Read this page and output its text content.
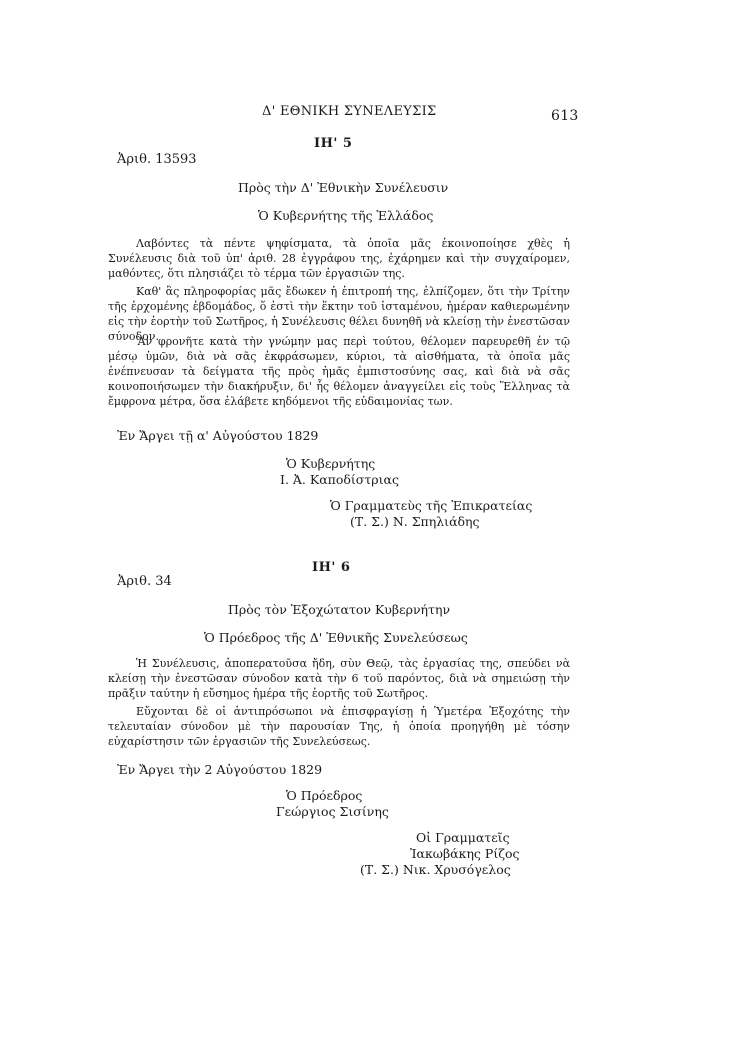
Δ' ΕΘΝΙΚΗ ΣΥΝΕΛΕΥΣΙΣ	613
ΙΗ' 5
Ἀριθ. 13593
Πρὸς τὴν Δ' Ἐθνικὴν Συνέλευσιν
Ὁ Κυβερνήτης τῆς Ἑλλάδος

Λαβόντες τὰ πέντε ψηφίσματα, τὰ ὁποῖα μᾶς ἐκοινοποίησε χθὲς ἡ Συνέλευσις διὰ τοῦ ὑπ' ἀριθ. 28 ἐγγράφου της, ἐχάρημεν καὶ τὴν συγχαίρομεν, μαθόντες, ὅτι πλησιάζει τὸ τέρμα τῶν ἐργασιῶν της.

Καθ' ἃς πληροφορίας μᾶς ἔδωκεν ἡ ἐπιτροπή της, ἐλπίζομεν, ὅτι τὴν Τρίτην τῆς ἐρχομένης ἑβδομάδος, ὅ ἐστὶ τὴν ἕκτην τοῦ ἱσταμένου, ἡμέραν καθιερωμένην εἰς τὴν ἑορτὴν τοῦ Σωτῆρος, ἡ Συνέλευσις θέλει δυνηθῆ νὰ κλείσῃ τὴν ἐνεστῶσαν σύνοδον.

Ἂν φρονῆτε κατὰ τὴν γνώμην μας περὶ τούτου, θέλομεν παρευρεθῆ ἐν τῷ μέσῳ ὑμῶν, διὰ νὰ σᾶς ἐκφράσωμεν, κύριοι, τὰ αἰσθήματα, τὰ ὁποῖα μᾶς ἐνέπνευσαν τὰ δείγματα τῆς πρὸς ἡμᾶς ἐμπιστοσύνης σας, καὶ διὰ νὰ σᾶς κοινοποιήσωμεν τὴν διακήρυξιν, δι' ἧς θέλομεν ἀναγγείλει εἰς τοὺς Ἕλληνας τὰ ἔμφρονα μέτρα, ὅσα ἐλάβετε κηδόμενοι τῆς εὐδαιμονίας των.

Ἐν Ἄργει τῇ α' Αὐγούστου 1829
Ὁ Κυβερνήτης
Ι. Ἀ. Καποδίστριας
Ὁ Γραμματεὺς τῆς Ἐπικρατείας
(Τ. Σ.) Ν. Σπηλιάδης
ΙΗ' 6
Ἀριθ. 34
Πρὸς τὸν Ἐξοχώτατον Κυβερνήτην
Ὁ Πρόεδρος τῆς Δ' Ἐθνικῆς Συνελεύσεως

Ἡ Συνέλευσις, ἀποπερατοῦσα ἤδη, σὺν Θεῷ, τὰς ἐργασίας της, σπεύδει νὰ κλείσῃ τὴν ἐνεστῶσαν σύνοδον κατὰ τὴν 6 τοῦ παρόντος, διὰ νὰ σημειώσῃ τὴν πρᾶξιν ταύτην ἡ εὔσημος ἡμέρα τῆς ἑορτῆς τοῦ Σωτῆρος.

Εὔχονται δὲ οἱ ἀντιπρόσωποι νὰ ἐπισφραγίσῃ ἡ Ὑμετέρα Ἐξοχότης τὴν τελευταίαν σύνοδον μὲ τὴν παρουσίαν Της, ἡ ὁποία προηγήθη μὲ τόσην εὐχαρίστησιν τῶν ἐργασιῶν τῆς Συνελεύσεως.

Ἐν Ἄργει τὴν 2 Αὐγούστου 1829
Ὁ Πρόεδρος
Γεώργιος Σισίνης
Οἱ Γραμματεῖς
Ἰακωβάκης Ρίζος
(Τ. Σ.) Νικ. Χρυσόγελος
